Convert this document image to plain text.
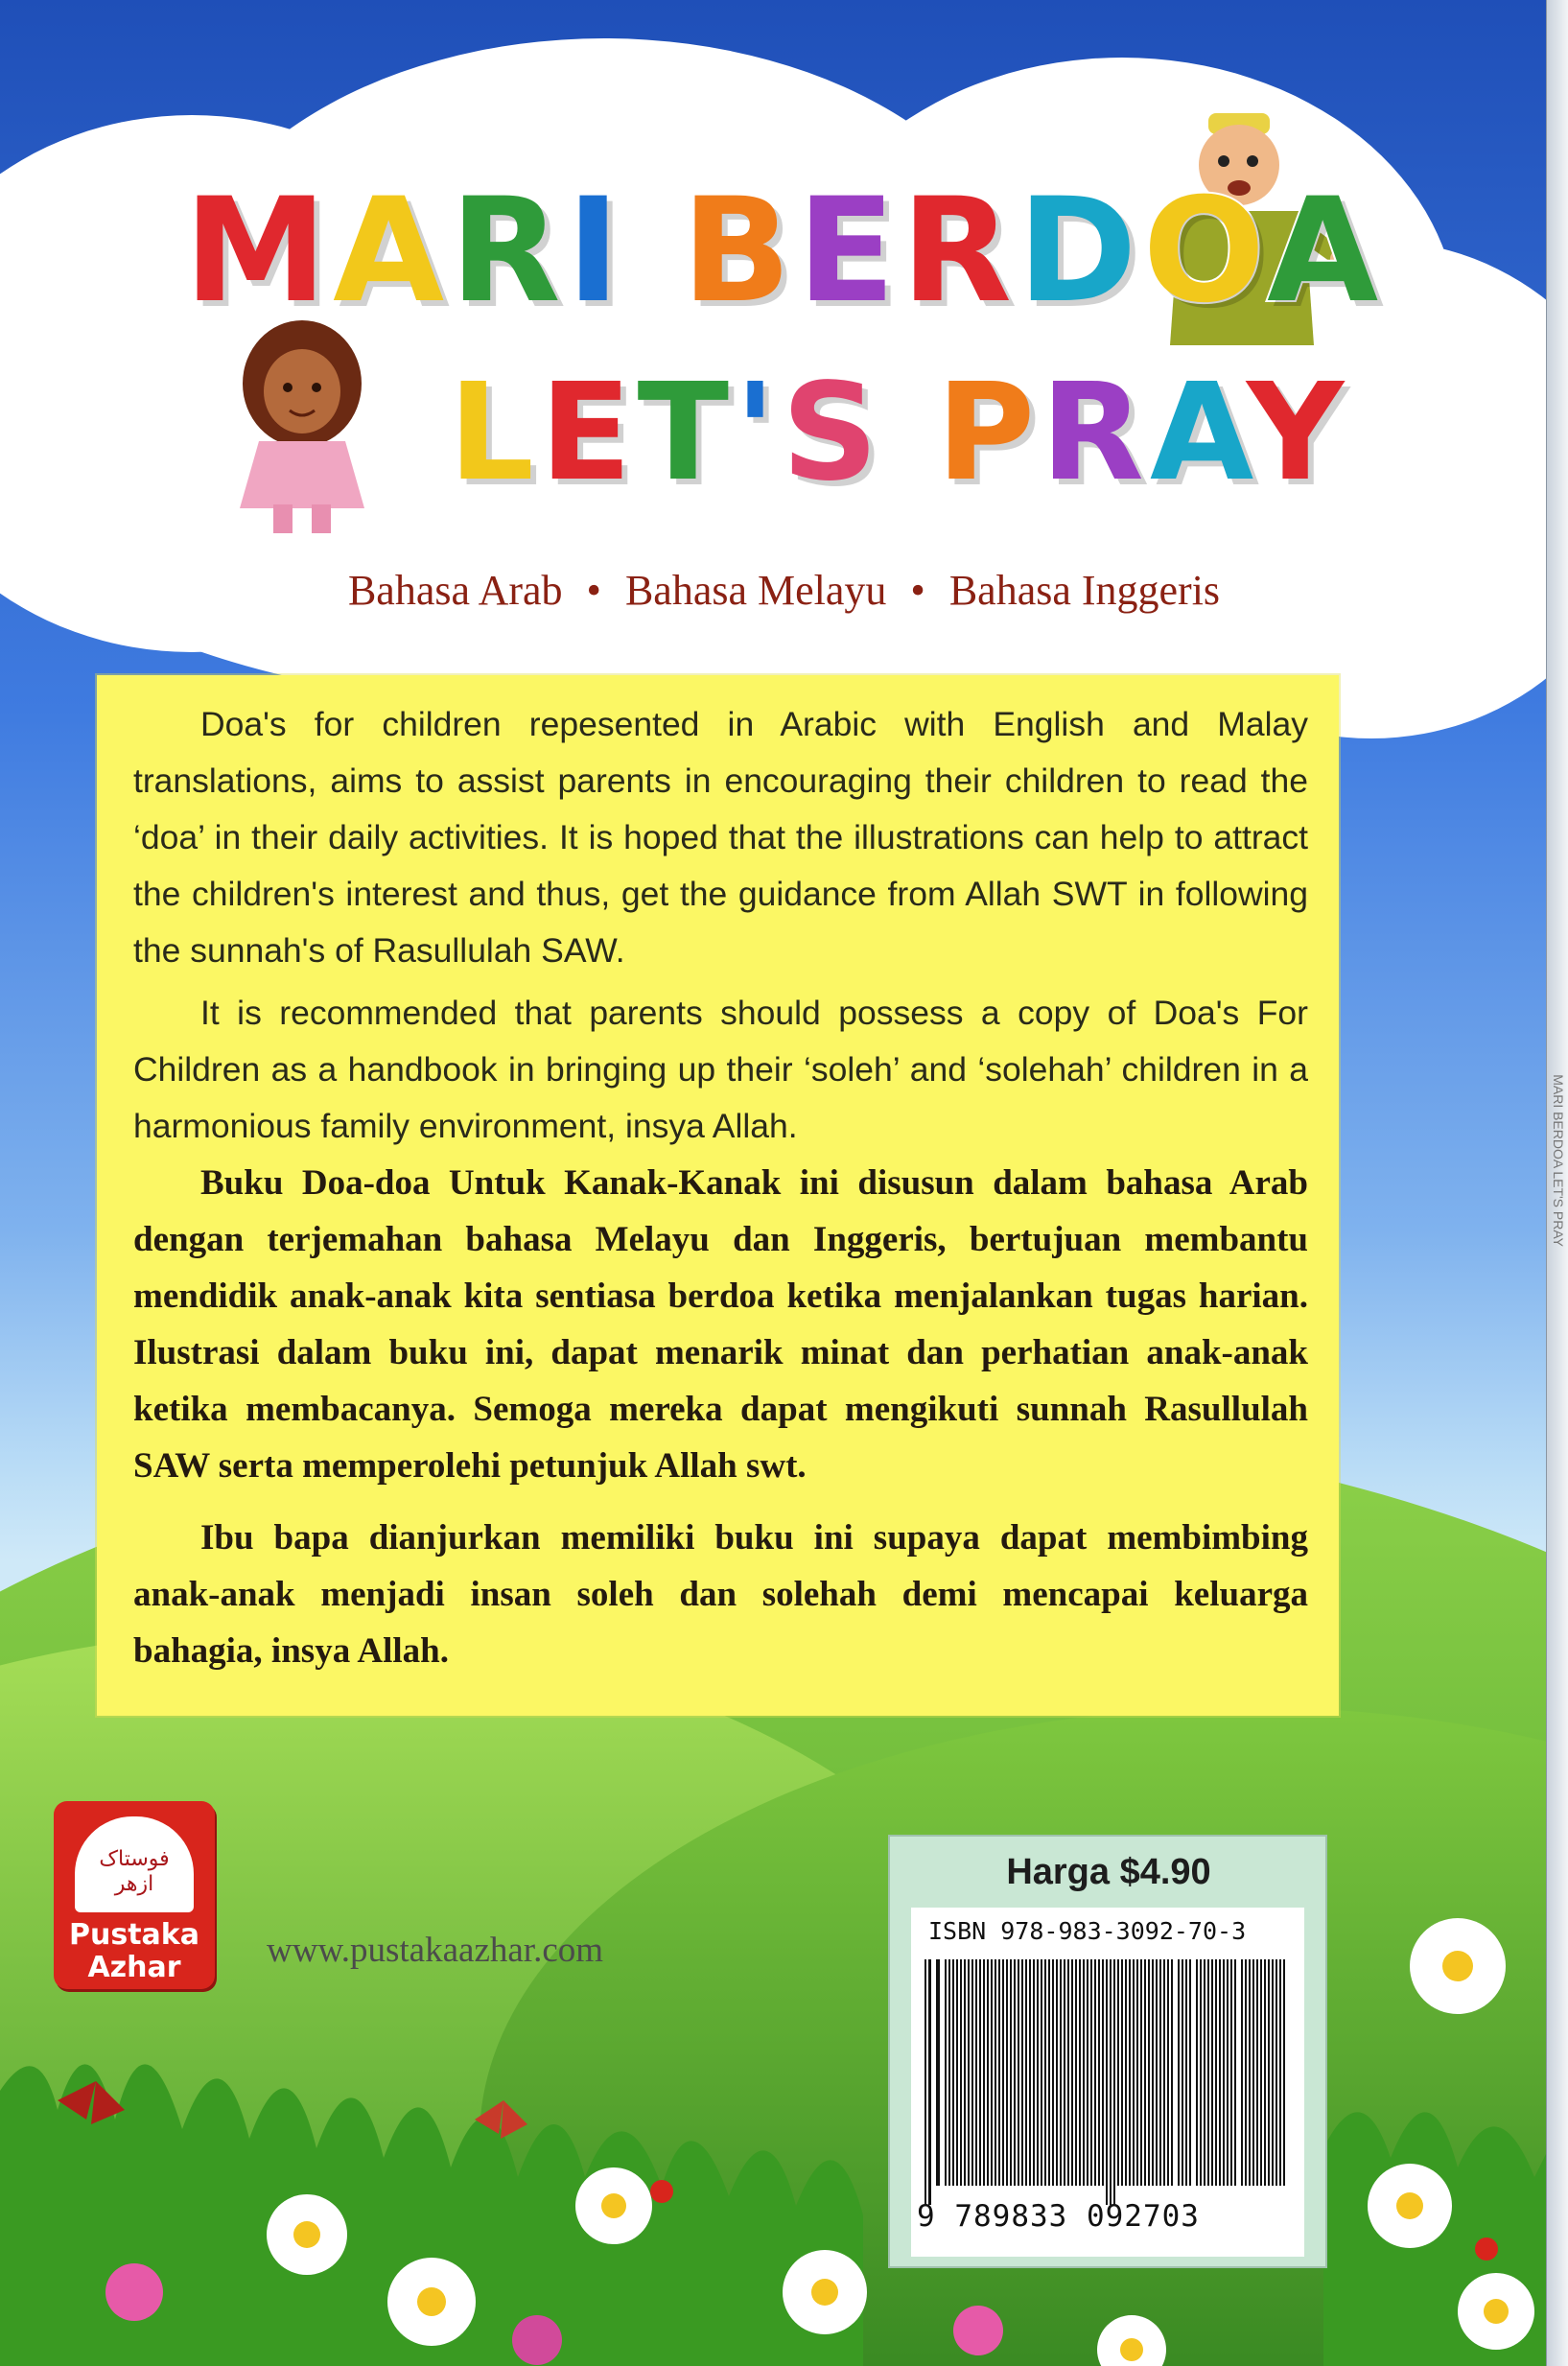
MARI BERDOA
LET'S PRAY
Bahasa Arab • Bahasa Melayu • Bahasa Inggeris

Doa's for children repesented in Arabic with English and Malay translations, aims to assist parents in encouraging their children to read the ‘doa’ in their daily activities. It is hoped that the illustrations can help to attract the children's interest and thus, get the guidance from Allah SWT in following the sunnah's of Rasullulah SAW.

It is recommended that parents should possess a copy of Doa's For Children as a handbook in bringing up their ‘soleh’ and ‘solehah’ children in a harmonious family environment, insya Allah.

Buku Doa-doa Untuk Kanak-Kanak ini disusun dalam bahasa Arab dengan terjemahan bahasa Melayu dan Inggeris, bertujuan membantu mendidik anak-anak kita sentiasa berdoa ketika menjalankan tugas harian. Ilustrasi dalam buku ini, dapat menarik minat dan perhatian anak-anak ketika membacanya. Semoga mereka dapat mengikuti sunnah Rasullulah SAW serta memperolehi petunjuk Allah swt.

Ibu bapa dianjurkan memiliki buku ini supaya dapat membimbing anak-anak menjadi insan soleh dan solehah demi mencapai keluarga bahagia, insya Allah.

فوستاک
ازهر
Pustaka
Azhar	www.pustakaazhar.com
Harga $4.90
ISBN 978-983-3092-70-3
9 789833 092703
MARI BERDOA LET'S PRAY
